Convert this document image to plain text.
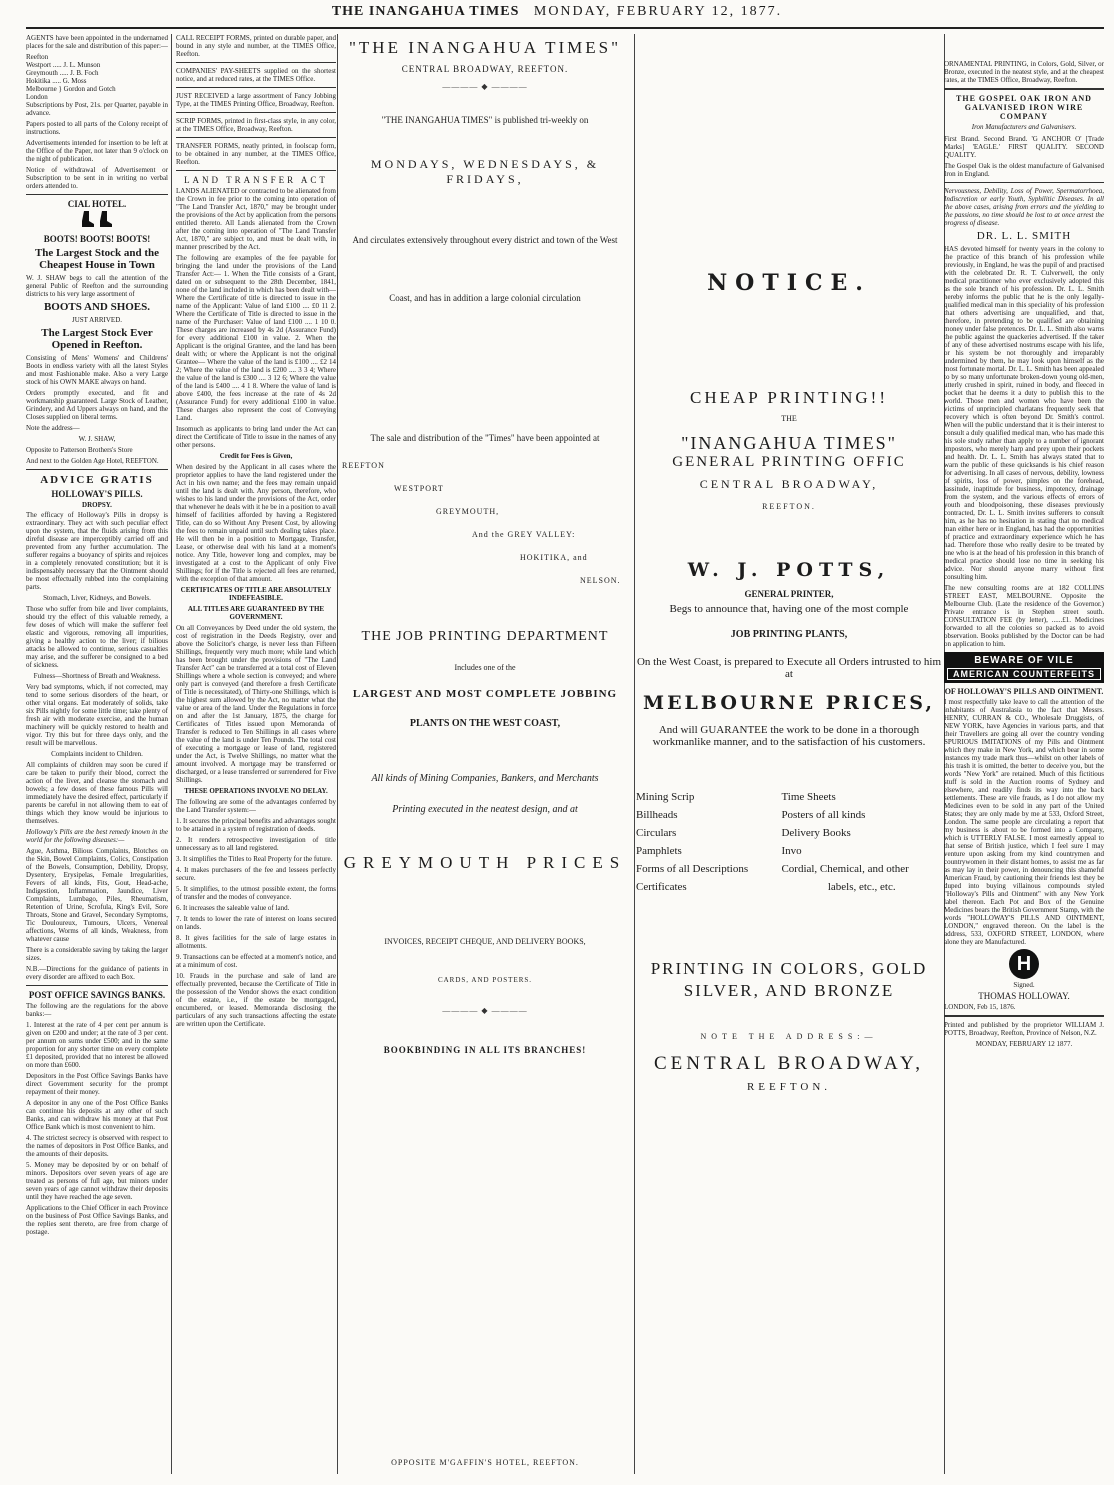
THE INANGAHUA TIMES MONDAY, FEBRUARY 12, 1877.

AGENTS have been appointed in the undernamed places for the sale and distribution of this paper:—

Reefton
Westport ..... J. L. Munson
Greymouth ..... J. B. Foch
Hokitika ..... G. Moss
Melbourne } Gordon and Gotch
London

Subscriptions by Post, 21s. per Quarter, payable in advance.

Papers posted to all parts of the Colony receipt of instructions.

Advertisements intended for insertion to be left at the Office of the Paper, not later than 9 o'clock on the night of publication.

Notice of withdrawal of Advertisement or Subscription to be sent in in writing no verbal orders attended to.

CIAL HOTEL.

BOOTS! BOOTS! BOOTS!
The Largest Stock and the Cheapest House in Town

W. J. SHAW begs to call the attention of the general Public of Reefton and the surrounding districts to his very large assortment of

BOOTS AND SHOES.
JUST ARRIVED.
The Largest Stock Ever Opened in Reefton.

Consisting of Mens' Womens' and Childrens' Boots in endless variety with all the latest Styles and most Fashionable make. Also a very Large stock of his OWN MAKE always on hand.

Orders promptly executed, and fit and workmanship guaranteed. Large Stock of Leather, Grindery, and Ad Uppers always on hand, and the Closes supplied on liberal terms.

Note the address—

W. J. SHAW,

Opposite to Patterson Brothers's Store

And next to the Golden Age Hotel, REEFTON.

ADVICE GRATIS
HOLLOWAY'S PILLS.
DROPSY.

The efficacy of Holloway's Pills in dropsy is extraordinary. They act with such peculiar effect upon the system, that the fluids arising from this direful disease are imperceptibly carried off and prevented from any further accumulation. The sufferer regains a buoyancy of spirits and rejoices in a completely renovated constitution; but it is indispensably necessary that the Ointment should be most effectually rubbed into the complaining parts.

Stomach, Liver, Kidneys, and Bowels.

Those who suffer from bile and liver complaints, should try the effect of this valuable remedy, a few doses of which will make the sufferer feel elastic and vigorous, removing all impurities, giving a healthy action to the liver; if bilious attacks be allowed to continue, serious casualties may arise, and the sufferer be consigned to a bed of sickness.

Fulness—Shortness of Breath and Weakness.

Very bad symptoms, which, if not corrected, may tend to some serious disorders of the heart, or other vital organs. Eat moderately of solids, take six Pills nightly for some little time; take plenty of fresh air with moderate exercise, and the human machinery will be quickly restored to health and vigor. Try this but for three days only, and the result will be marvellous.

Complaints incident to Children.

All complaints of children may soon be cured if care be taken to purify their blood, correct the action of the liver, and cleanse the stomach and bowels; a few doses of these famous Pills will immediately have the desired effect, particularly if parents be careful in not allowing them to eat of things which they know would be injurious to themselves.

Holloway's Pills are the best remedy known in the world for the following diseases:—

Ague, Asthma, Bilious Complaints, Blotches on the Skin, Bowel Complaints, Colics, Constipation of the Bowels, Consumption, Debility, Dropsy, Dysentery, Erysipelas, Female Irregularities, Fevers of all kinds, Fits, Gout, Head-ache, Indigestion, Inflammation, Jaundice, Liver Complaints, Lumbago, Piles, Rheumatism, Retention of Urine, Scrofula, King's Evil, Sore Throats, Stone and Gravel, Secondary Symptoms, Tic Douloureux, Tumours, Ulcers, Venereal affections, Worms of all kinds, Weakness, from whatever cause

There is a considerable saving by taking the larger sizes.

N.B.—Directions for the guidance of patients in every disorder are affixed to each Box.

POST OFFICE SAVINGS BANKS.

The following are the regulations for the above banks:—

1. Interest at the rate of 4 per cent per annum is given on £200 and under; at the rate of 3 per cent. per annum on sums under £500; and in the same proportion for any shorter time on every complete £1 deposited, provided that no interest be allowed on more than £600.

Depositors in the Post Office Savings Banks have direct Government security for the prompt repayment of their money.

A depositor in any one of the Post Office Banks can continue his deposits at any other of such Banks, and can withdraw his money at that Post Office Bank which is most convenient to him.

4. The strictest secrecy is observed with respect to the names of depositors in Post Office Banks, and the amounts of their deposits.

5. Money may be deposited by or on behalf of minors. Depositors over seven years of age are treated as persons of full age, but minors under seven years of age cannot withdraw their deposits until they have reached the age seven.

Applications to the Chief Officer in each Province on the business of Post Office Savings Banks, and the replies sent thereto, are free from charge of postage.

CALL RECEIPT FORMS, printed on durable paper, and bound in any style and number, at the TIMES Office, Reefton.

COMPANIES' PAY-SHEETS supplied on the shortest notice, and at reduced rates, at the TIMES Office.

JUST RECEIVED a large assortment of Fancy Jobbing Type, at the TIMES Printing Office, Broadway, Reefton.

SCRIP FORMS, printed in first-class style, in any color, at the TIMES Office, Broadway, Reefton.

TRANSFER FORMS, neatly printed, in foolscap form, to be obtained in any number, at the TIMES Office, Reefton.

LAND TRANSFER ACT

LANDS ALIENATED or contracted to be alienated from the Crown in fee prior to the coming into operation of "The Land Transfer Act, 1870," may be brought under the provisions of the Act by application from the persons entitled thereto. All Lands alienated from the Crown after the coming into operation of "The Land Transfer Act, 1870," are subject to, and must be dealt with, in manner prescribed by the Act.

The following are examples of the fee payable for bringing the land under the provisions of the Land Transfer Act:— 1. When the Title consists of a Grant, dated on or subsequent to the 28th December, 1841, none of the land included in which has been dealt with— Where the Certificate of title is directed to issue in the name of the Applicant: Value of land £100 .... £0 11 2. Where the Certificate of Title is directed to issue in the name of the Purchaser: Value of land £100 .... 1 10 0. These charges are increased by 4s 2d (Assurance Fund) for every additional £100 in value. 2. When the Applicant is the original Grantee, and the land has been dealt with; or where the Applicant is not the original Grantee— Where the value of the land is £100 .... £2 14 2; Where the value of the land is £200 .... 3 3 4; Where the value of the land is £300 .... 3 12 6; Where the value of the land is £400 .... 4 1 8. Where the value of land is above £400, the fees increase at the rate of 4s 2d (Assurance Fund) for every additional £100 in value. These charges also represent the cost of Conveying Land.

Insomuch as applicants to bring land under the Act can direct the Certificate of Title to issue in the names of any other persons.

Credit for Fees is Given,

When desired by the Applicant in all cases where the proprietor applies to have the land registered under the Act in his own name; and the fees may remain unpaid until the land is dealt with. Any person, therefore, who wishes to his land under the provisions of the Act, order that whenever he deals with it he be in a position to avail himself of facilities afforded by having a Registered Title, can do so Without Any Present Cost, by allowing the fees to remain unpaid until such dealing takes place. He will then be in a position to Mortgage, Transfer, Lease, or otherwise deal with his land at a moment's notice. Any Title, however long and complex, may be investigated at a cost to the Applicant of only Five Shillings; for if the Title is rejected all fees are returned, with the exception of that amount.

CERTIFICATES OF TITLE ARE ABSOLUTELY INDEFEASIBLE.

ALL TITLES ARE GUARANTEED BY THE GOVERNMENT.

On all Conveyances by Deed under the old system, the cost of registration in the Deeds Registry, over and above the Solicitor's charge, is never less than Fifteen Shillings, frequently very much more; while land which has been brought under the provisions of "The Land Transfer Act" can be transferred at a total cost of Eleven Shillings where a whole section is conveyed; and where only part is conveyed (and therefore a fresh Certificate of Title is necessitated), of Thirty-one Shillings, which is the highest sum allowed by the Act, no matter what the value or area of the land. Under the Regulations in force on and after the 1st January, 1875, the charge for Certificates of Titles issued upon Memoranda of Transfer is reduced to Ten Shillings in all cases where the value of the land is under Ten Pounds. The total cost of executing a mortgage or lease of land, registered under the Act, is Twelve Shillings, no matter what the amount involved. A mortgage may be transferred or discharged, or a lease transferred or surrendered for Five Shillings.

THESE OPERATIONS INVOLVE NO DELAY.

The following are some of the advantages conferred by the Land Transfer system:—

1. It secures the principal benefits and advantages sought to be attained in a system of registration of deeds.

2. It renders retrospective investigation of title unnecessary as to all land registered.

3. It simplifies the Titles to Real Property for the future.

4. It makes purchasers of the fee and lessees perfectly secure.

5. It simplifies, to the utmost possible extent, the forms of transfer and the modes of conveyance.

6. It increases the saleable value of land.

7. It tends to lower the rate of interest on loans secured on lands.

8. It gives facilities for the sale of large estates in allotments.

9. Transactions can be effected at a moment's notice, and at a minimum of cost.

10. Frauds in the purchase and sale of land are effectually prevented, because the Certificate of Title in the possession of the Vendor shows the exact condition of the estate, i.e., if the estate be mortgaged, encumbered, or leased. Memoranda disclosing the particulars of any such transactions affecting the estate are written upon the Certificate.

"THE INANGAHUA TIMES"
CENTRAL BROADWAY, REEFTON.
———— ◆ ————
"THE INANGAHUA TIMES" is published tri-weekly on
MONDAYS, WEDNESDAYS, & FRIDAYS,
And circulates extensively throughout every district and town of the West
Coast, and has in addition a large colonial circulation
The sale and distribution of the "Times" have been appointed at
REEFTON
WESTPORT
GREYMOUTH,
And the GREY VALLEY:
HOKITIKA, and
NELSON.
THE JOB PRINTING DEPARTMENT
Includes one of the
LARGEST AND MOST COMPLETE JOBBING
PLANTS ON THE WEST COAST,
All kinds of Mining Companies, Bankers, and Merchants
Printing executed in the neatest design, and at
GREYMOUTH PRICES
INVOICES, RECEIPT CHEQUE, AND DELIVERY BOOKS,
CARDS, AND POSTERS.
———— ◆ ————
BOOKBINDING IN ALL ITS BRANCHES!
OPPOSITE M'GAFFIN'S HOTEL, REEFTON.
NOTICE.
CHEAP PRINTING!!
THE
"INANGAHUA TIMES"
GENERAL PRINTING OFFIC
CENTRAL BROADWAY,
REEFTON.
W. J. POTTS,
GENERAL PRINTER,
Begs to announce that, having one of the most comple
JOB PRINTING PLANTS,
On the West Coast, is prepared to Execute all Orders intrusted to him at
MELBOURNE PRICES,
And will GUARANTEE the work to be done in a thorough workmanlike manner, and to the satisfaction of his customers.
Mining Scrip	Time Sheets
Billheads	Posters of all kinds
Circulars	Delivery Books
Pamphlets	Invo
Forms of all Descriptions	Cordial, Chemical, and other
Certificates	labels, etc., etc.
PRINTING IN COLORS, GOLD SILVER, AND BRONZE
NOTE THE ADDRESS:—
CENTRAL BROADWAY,
REEFTON.

ORNAMENTAL PRINTING, in Colors, Gold, Silver, or Bronze, executed in the neatest style, and at the cheapest rates, at the TIMES Office, Broadway, Reefton.

THE GOSPEL OAK IRON AND GALVANISED IRON WIRE COMPANY
Iron Manufacturers and Galvanisers.

First Brand. Second Brand. 'G ANCHOR O' [Trade Marks] 'EAGLE.' FIRST QUALITY. SECOND QUALITY.

The Gospel Oak is the oldest manufacture of Galvanised Iron in England.

Nervousness, Debility, Loss of Power, Spermatorrhoea, Indiscretion or early Youth, Syphilitic Diseases. In all the above cases, arising from errors and the yielding to the passions, no time should be lost to at once arrest the progress of disease.

DR. L. L. SMITH

HAS devoted himself for twenty years in the colony to the practice of this branch of his profession while previously, in England, he was the pupil of and practised with the celebrated Dr. R. T. Culverwell, the only medical practitioner who ever exclusively adopted this as the sole branch of his profession. Dr. L. L. Smith hereby informs the public that he is the only legally-qualified medical man in this speciality of his profession that others advertising are unqualified, and that, therefore, in pretending to be qualified are obtaining money under false pretences. Dr. L. L. Smith also warns the public against the quackeries advertised. If the taker of any of these advertised nostrums escape with his life, or his system be not thoroughly and irreparably undermined by them, he may look upon himself as the most fortunate mortal. Dr. L. L. Smith has been appealed to by so many unfortunate broken-down young old-men, utterly crushed in spirit, ruined in body, and fleeced in pocket that he deems it a duty to publish this to the world. Those men and women who have been the victims of unprincipled charlatans frequently seek that recovery which is often beyond Dr. Smith's control. When will the public understand that it is their interest to consult a duly qualified medical man, who has made this his sole study rather than apply to a number of ignorant impostors, who merely harp and prey upon their pockets and health. Dr. L. L. Smith has always stated that to warn the public of these quicksands is his chief reason for advertising. In all cases of nervous, debility, lowness of spirits, loss of power, pimples on the forehead, lassitude, inaptitude for business, impotency, drainage from the system, and the various effects of errors of youth and bloodpoisoning, these diseases previously contracted, Dr. L. L. Smith invites sufferers to consult him, as he has no hesitation in stating that no medical man either here or in England, has had the opportunities of practice and extraordinary experience which he has had. Therefore those who really desire to be treated by one who is at the head of his profession in this branch of medical practice should lose no time in seeking his advice. Nor should anyone marry without first consulting him.

The new consulting rooms are at 182 COLLINS STREET EAST, MELBOURNE. Opposite the Melbourne Club. (Late the residence of the Governor.) Private entrance is in Stephen street south. CONSULTATION FEE (by letter), ......£1. Medicines forwarded to all the colonies so packed as to avoid observation. Books published by the Doctor can be had on application to him.

BEWARE OF VILE
AMERICAN COUNTERFEITS
OF HOLLOWAY'S PILLS AND OINTMENT.

I most respectfully take leave to call the attention of the inhabitants of Australasia to the fact that Messrs. HENRY, CURRAN & CO., Wholesale Druggists, of NEW YORK, have Agencies in various parts, and that their Travellers are going all over the country vending SPURIOUS IMITATIONS of my Pills and Ointment which they make in New York, and which bear in some instances my trade mark thus—whilst on other labels of this trash it is omitted, the better to deceive you, but the words "New York" are retained. Much of this fictitious stuff is sold in the Auction rooms of Sydney and elsewhere, and readily finds its way into the back settlements. These are vile frauds, as I do not allow my Medicines even to be sold in any part of the United States; they are only made by me at 533, Oxford Street, London. The same people are circulating a report that my business is about to be formed into a Company, which is UTTERLY FALSE. I most earnestly appeal to that sense of British justice, which I feel sure I may venture upon asking from my kind countrymen and countrywomen in their distant homes, to assist me as far as may lay in their power, in denouncing this shameful American Fraud, by cautioning their friends lest they be duped into buying villainous compounds styled "Holloway's Pills and Ointment" with any New York label thereon. Each Pot and Box of the Genuine Medicines bears the British Government Stamp, with the words "HOLLOWAY'S PILLS AND OINTMENT, LONDON," engraved thereon. On the label is the address, 533, OXFORD STREET, LONDON, where alone they are Manufactured.

H

Signed.

THOMAS HOLLOWAY.

LONDON, Feb 15, 1876.

Printed and published by the proprietor WILLIAM J. POTTS, Broadway, Reefton, Province of Nelson, N.Z.

MONDAY, FEBRUARY 12 1877.
